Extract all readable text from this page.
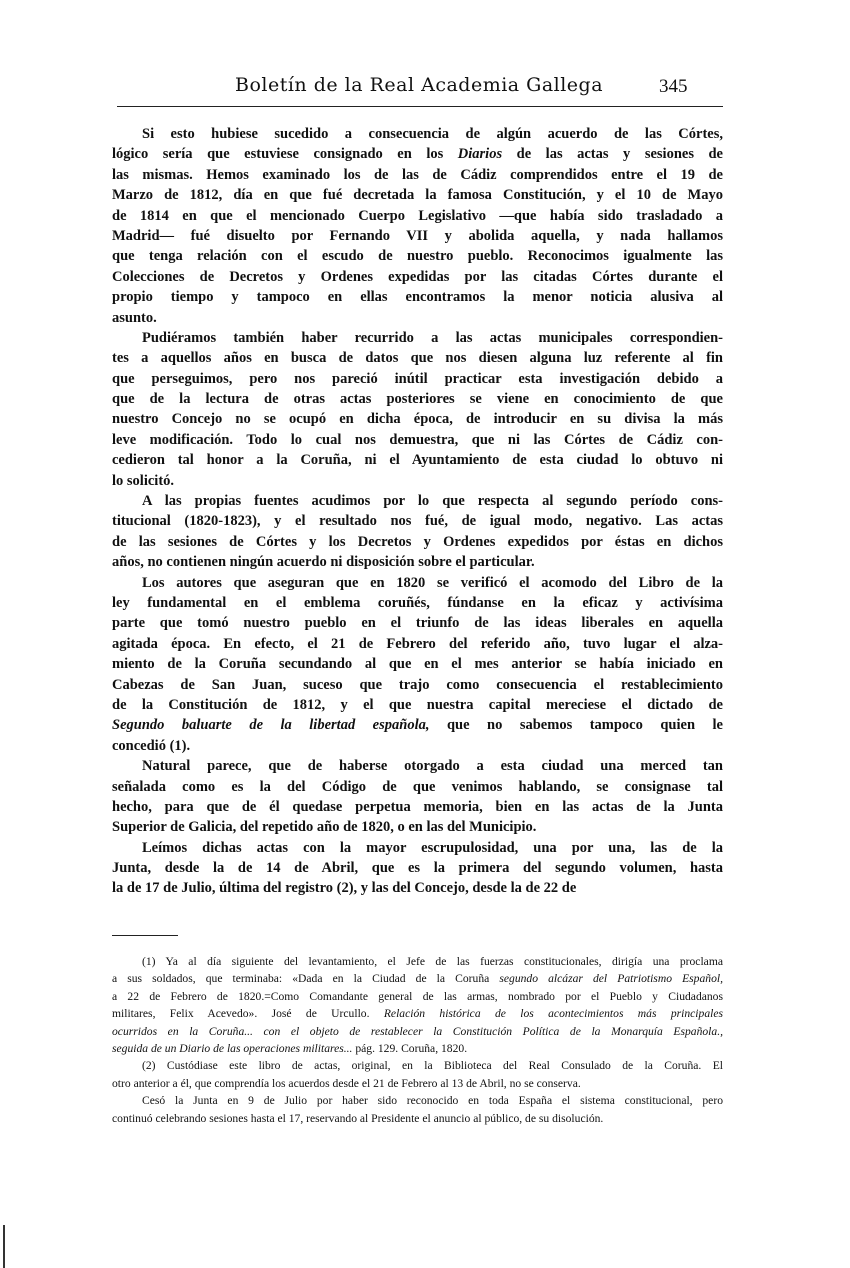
Boletín de la Real Academia Gallega	345
Si esto hubiese sucedido a consecuencia de algún acuerdo de las Córtes,
lógico sería que estuviese consignado en los Diarios de las actas y sesiones de
las mismas. Hemos examinado los de las de Cádiz comprendidos entre el 19 de
Marzo de 1812, día en que fué decretada la famosa Constitución, y el 10 de Mayo
de 1814 en que el mencionado Cuerpo Legislativo —que había sido trasladado a
Madrid— fué disuelto por Fernando VII y abolida aquella, y nada hallamos
que tenga relación con el escudo de nuestro pueblo. Reconocimos igualmente las
Colecciones de Decretos y Ordenes expedidas por las citadas Córtes durante el
propio tiempo y tampoco en ellas encontramos la menor noticia alusiva al
asunto.
Pudiéramos también haber recurrido a las actas municipales correspondien-
tes a aquellos años en busca de datos que nos diesen alguna luz referente al fin
que perseguimos, pero nos pareció inútil practicar esta investigación debido a
que de la lectura de otras actas posteriores se viene en conocimiento de que
nuestro Concejo no se ocupó en dicha época, de introducir en su divisa la más
leve modificación. Todo lo cual nos demuestra, que ni las Córtes de Cádiz con-
cedieron tal honor a la Coruña, ni el Ayuntamiento de esta ciudad lo obtuvo ni
lo solicitó.
A las propias fuentes acudimos por lo que respecta al segundo período cons-
titucional (1820-1823), y el resultado nos fué, de igual modo, negativo. Las actas
de las sesiones de Córtes y los Decretos y Ordenes expedidos por éstas en dichos
años, no contienen ningún acuerdo ni disposición sobre el particular.
Los autores que aseguran que en 1820 se verificó el acomodo del Libro de la
ley fundamental en el emblema coruñés, fúndanse en la eficaz y activísima
parte que tomó nuestro pueblo en el triunfo de las ideas liberales en aquella
agitada época. En efecto, el 21 de Febrero del referido año, tuvo lugar el alza-
miento de la Coruña secundando al que en el mes anterior se había iniciado en
Cabezas de San Juan, suceso que trajo como consecuencia el restablecimiento
de la Constitución de 1812, y el que nuestra capital mereciese el dictado de
Segundo baluarte de la libertad española, que no sabemos tampoco quien le
concedió (1).
Natural parece, que de haberse otorgado a esta ciudad una merced tan
señalada como es la del Código de que venimos hablando, se consignase tal
hecho, para que de él quedase perpetua memoria, bien en las actas de la Junta
Superior de Galicia, del repetido año de 1820, o en las del Municipio.
Leímos dichas actas con la mayor escrupulosidad, una por una, las de la
Junta, desde la de 14 de Abril, que es la primera del segundo volumen, hasta
la de 17 de Julio, última del registro (2), y las del Concejo, desde la de 22 de
(1) Ya al día siguiente del levantamiento, el Jefe de las fuerzas constitucionales, dirigía una proclama
a sus soldados, que terminaba: «Dada en la Ciudad de la Coruña segundo alcázar del Patriotismo Español,
a 22 de Febrero de 1820.=Como Comandante general de las armas, nombrado por el Pueblo y Ciudadanos
militares, Felix Acevedo». José de Urcullo. Relación histórica de los acontecimientos más principales
ocurridos en la Coruña... con el objeto de restablecer la Constitución Política de la Monarquía Española.,
seguida de un Diario de las operaciones militares... pág. 129. Coruña, 1820.
(2) Custódiase este libro de actas, original, en la Biblioteca del Real Consulado de la Coruña. El
otro anterior a él, que comprendía los acuerdos desde el 21 de Febrero al 13 de Abril, no se conserva.
Cesó la Junta en 9 de Julio por haber sido reconocido en toda España el sistema constitucional, pero
continuó celebrando sesiones hasta el 17, reservando al Presidente el anuncio al público, de su disolución.
